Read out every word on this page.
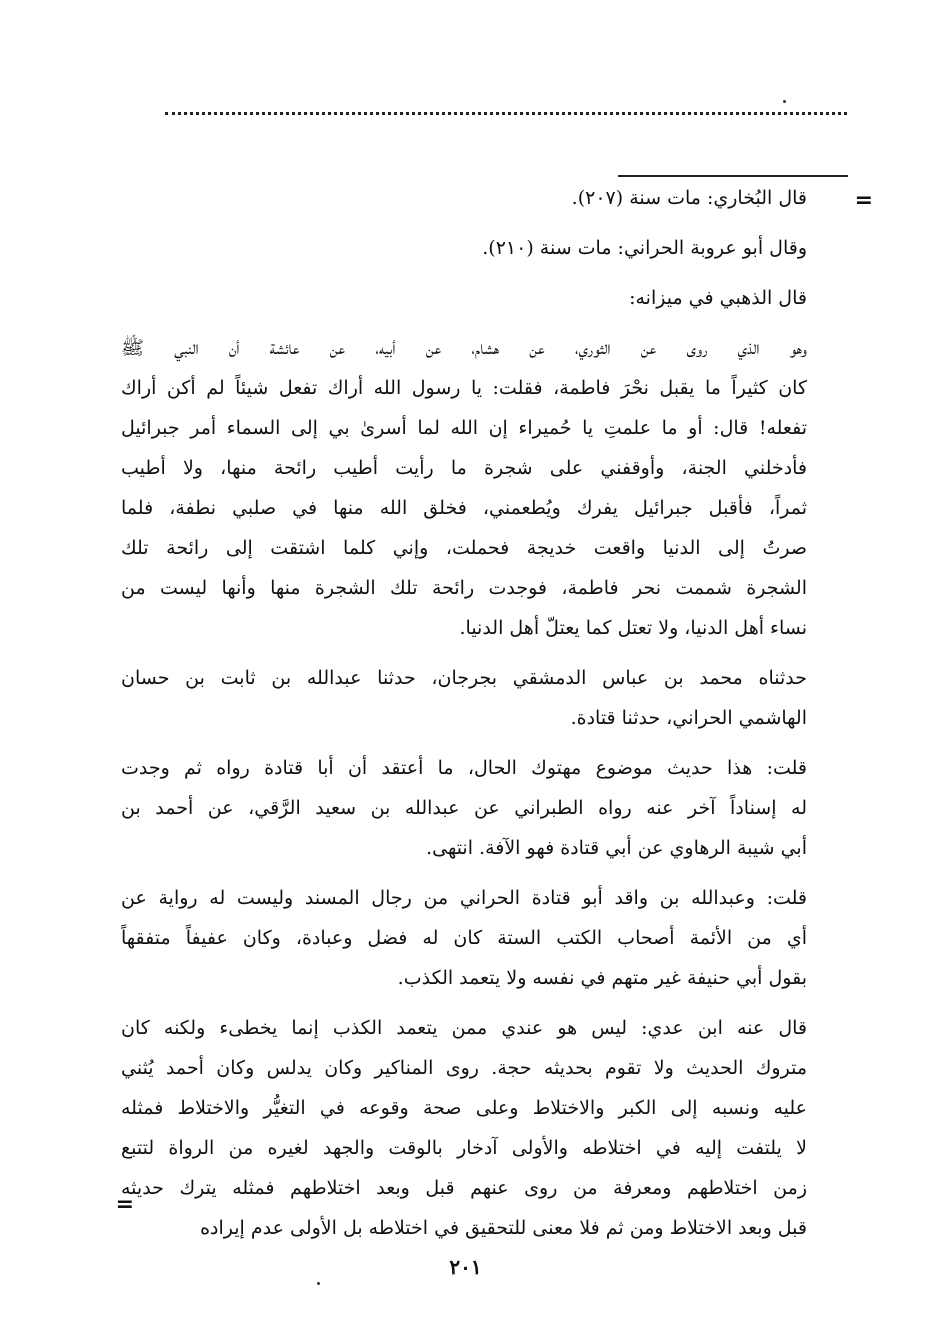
=
قال البُخاري: مات سنة (٢٠٧).
وقال أبو عروبة الحراني: مات سنة (٢١٠).
قال الذهبي في ميزانه:
وهو الذي روى عن الثوري، عن هشام، عن أبيه، عن عائشة أن النبي ﷺ
كان كثيراً ما يقبل نحْرَ فاطمة، فقلت: يا رسول الله أراك تفعل شيئاً لم أكن أراك
تفعله! قال: أو ما علمتِ يا حُميراء إن الله لما أسرىٰ بي إلى السماء أمر جبرائيل
فأدخلني الجنة، وأوقفني على شجرة ما رأيت أطيب رائحة منها، ولا أطيب
ثمراً، فأقبل جبرائيل يفرك ويُطعمني، فخلق الله منها في صلبي نطفة، فلما
صرتُ إلى الدنيا واقعت خديجة فحملت، وإني كلما اشتقت إلى رائحة تلك
الشجرة شممت نحر فاطمة، فوجدت رائحة تلك الشجرة منها وأنها ليست من
نساء أهل الدنيا، ولا تعتل كما يعتلّ أهل الدنيا.
حدثناه محمد بن عباس الدمشقي بجرجان، حدثنا عبدالله بن ثابت بن حسان
الهاشمي الحراني، حدثنا قتادة.
قلت: هذا حديث موضوع مهتوك الحال، ما أعتقد أن أبا قتادة رواه ثم وجدت
له إسناداً آخر عنه رواه الطبراني عن عبدالله بن سعيد الرَّقي، عن أحمد بن
أبي شيبة الرهاوي عن أبي قتادة فهو الآفة. انتهى.
قلت: وعبدالله بن واقد أبو قتادة الحراني من رجال المسند وليست له رواية عن
أي من الأئمة أصحاب الكتب الستة كان له فضل وعبادة، وكان عفيفاً متفقهاً
بقول أبي حنيفة غير متهم في نفسه ولا يتعمد الكذب.
قال عنه ابن عدي: ليس هو عندي ممن يتعمد الكذب إنما يخطىء ولكنه كان
متروك الحديث ولا تقوم بحديثه حجة. روى المناكير وكان يدلس وكان أحمد يُثني
عليه ونسبه إلى الكبر والاختلاط وعلى صحة وقوعه في التغيُّر والاختلاط فمثله
لا يلتفت إليه في اختلاطه والأولى آدخار بالوقت والجهد لغيره من الرواة لتتبع
زمن اختلاطهم ومعرفة من روى عنهم قبل وبعد اختلاطهم فمثله يترك حديثه
قبل وبعد الاختلاط ومن ثم فلا معنى للتحقيق في اختلاطه بل الأولى عدم إيراده
=
٢٠١
